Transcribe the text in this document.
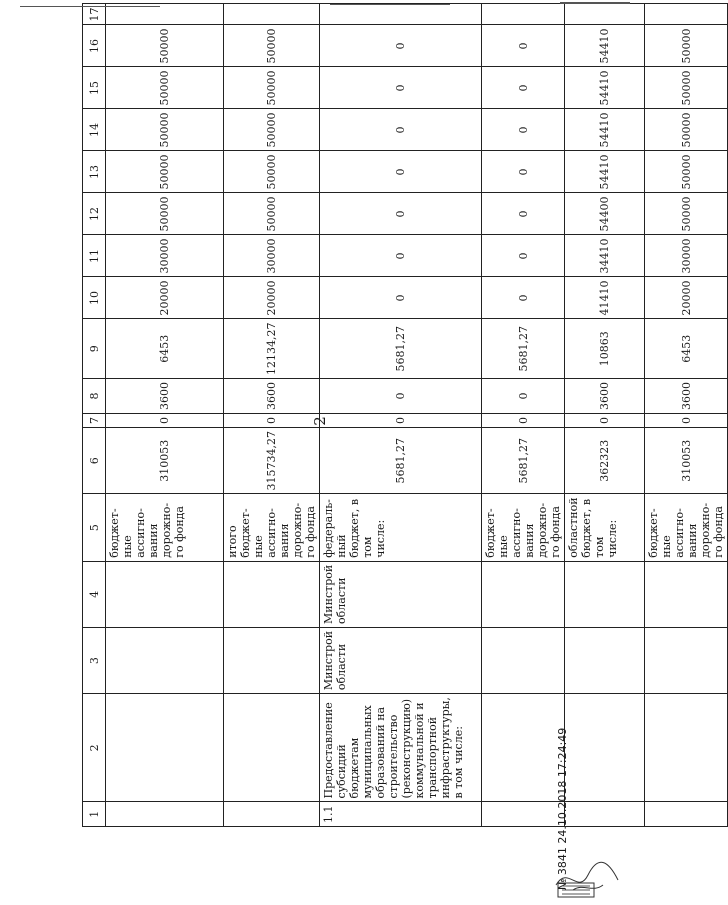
2
1	2	3	4	5	6	7	8	9	10	11	12	13	14	15	16	17
				бюджет-ные ассигно-вания дорожно-го фонда	310053	0	3600	6453	20000	30000	50000	50000	50000	50000	50000	
				итого бюджет-ные ассигно-вания дорожно-го фонда	315734,27	0	3600	12134,27	20000	30000	50000	50000	50000	50000	50000	
1.1	Предоставление субсидий бюджетам муниципальных образований на строительство (реконструкцию) коммунальной и транспортной инфраструктуры, в том числе:	Минстрой области	Минстрой области	федераль-ный бюджет, в том числе:	5681,27	0	0	5681,27	0	0	0	0	0	0	0	
				бюджет-ные ассигно-вания дорожно-го фонда	5681,27	0	0	5681,27	0	0	0	0	0	0	0	
				областной бюджет, в том числе:	362323	0	3600	10863	41410	34410	54400	54410	54410	54410	54410	
				бюджет-ные ассигно-вания дорожно-го фонда	310053	0	3600	6453	20000	30000	50000	50000	50000	50000	50000	
№ 3841 24.10.2018 17:24:49
